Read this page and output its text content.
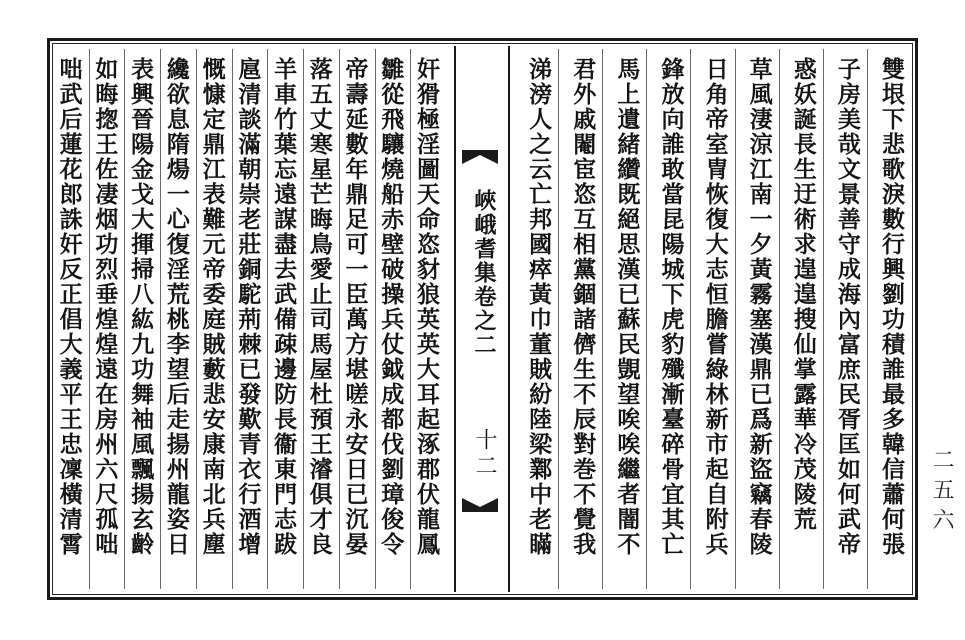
雙垠下悲歌淚數行興劉功積誰最多韓信蕭何張
子房美哉文景善守成海內富庶民胥匡如何武帝
惑妖誕長生迂術求遑遑搜仙掌露華冷茂陵荒
草風淒涼江南一夕黃霧塞漢鼎已爲新盜竊春陵
日角帝室冑恢復大志恒膽嘗綠林新市起自附兵
鋒放向誰敢當昆陽城下虎豹殲漸臺碎骨宜其亡
馬上遺緒纘既絕思漢已蘇民覬望唉唉繼者闇不
君外戚閹宦恣互相黨錮諸儕生不辰對巻不覺我
涕滂人之云亡邦國瘁黃巾董賊紛陸梁鄴中老瞞
峽峨耆集卷之二
十二
奸猾極淫圖天命恣豺狼英英大耳起涿郡伏龍鳳
雛從飛驤燒船赤壁破操兵仗鉞成都伐劉璋俊令
帝壽延數年鼎足可一臣萬方堪嗟永安日已沉晏
落五丈寒星芒晦鳥愛止司馬屋杜預王濬俱才良
羊車竹葉忘遠謀盡去武備疎邊防長衞東門志跋
扈清談滿朝崇老莊銅駝荊棘已發歎青衣行酒增
慨慷定鼎江表難元帝委庭賊藪悲安康南北兵塵
纔欲息隋煬一心復淫荒桃李望后走揚州龍姿日
表興晉陽金戈大揮掃八紘九功舞袖風飄揚玄齡
如晦揔王佐凄烟功烈垂煌煌遠在房州六尺孤咄
咄武后蓮花郎誅奸反正倡大義平王忠凜橫清霄	二五六
